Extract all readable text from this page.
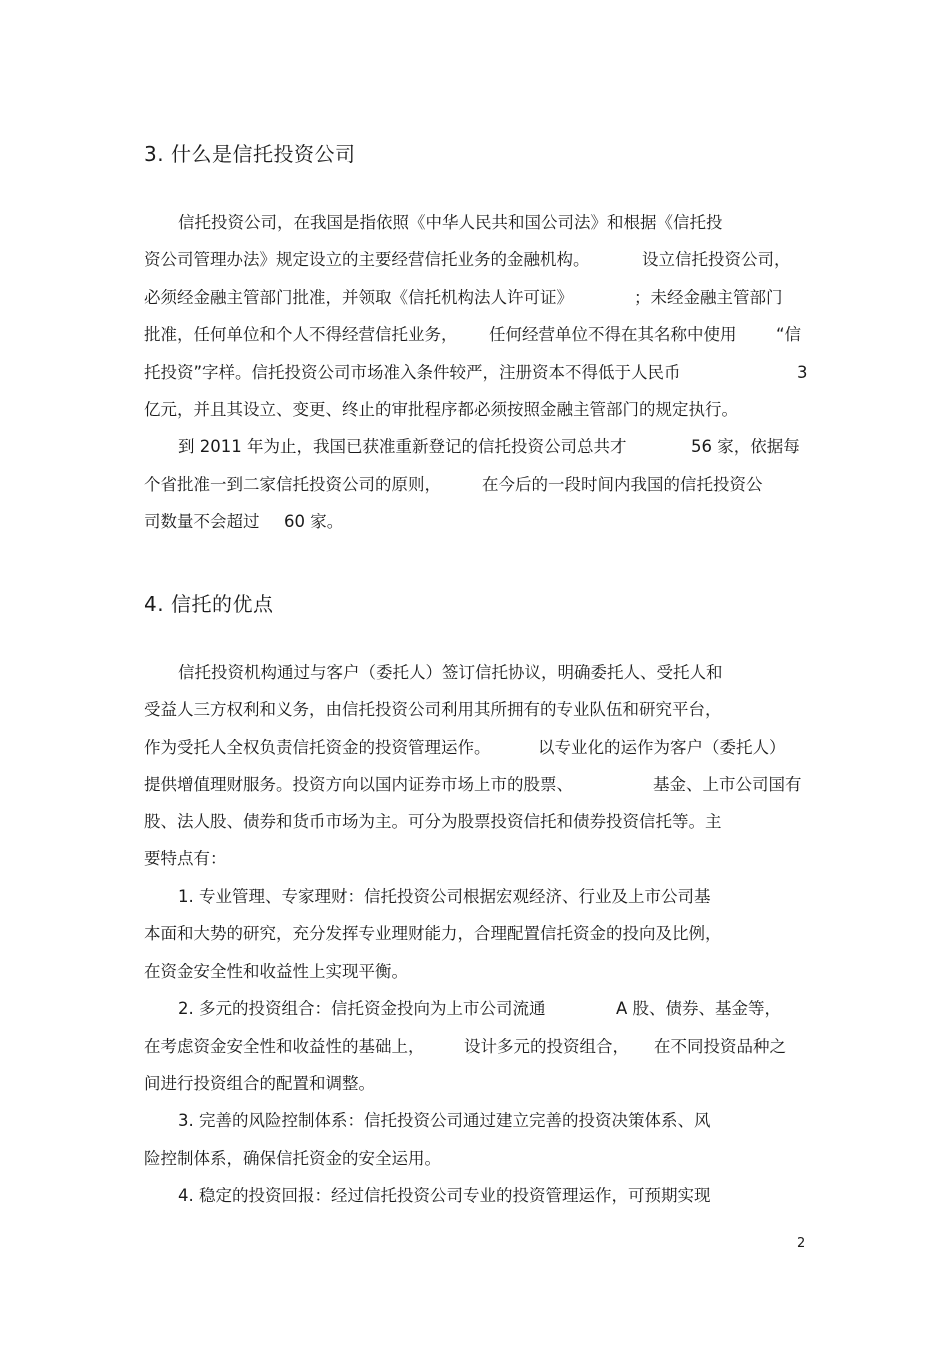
3. 什么是信托投资公司
信托投资公司，在我国是指依照《中华人民共和国公司法》和根据《信托投
资公司管理办法》规定设立的主要经营信托业务的金融机构。	设立信托投资公司，
必须经金融主管部门批准，并领取《信托机构法人许可证》	；未经金融主管部门
批准，任何单位和个人不得经营信托业务， 任何经营单位不得在其名称中使用 “信
托投资”字样。信托投资公司市场准入条件较严，注册资本不得低于人民币	3
亿元，并且其设立、变更、终止的审批程序都必须按照金融主管部门的规定执行。
到 2011 年为止，我国已获准重新登记的信托投资公司总共才	56 家，依据每
个省批准一到二家信托投资公司的原则， 在今后的一段时间内我国的信托投资公
司数量不会超过 60 家。
4. 信托的优点
信托投资机构通过与客户（委托人）签订信托协议，明确委托人、受托人和
受益人三方权利和义务，由信托投资公司利用其所拥有的专业队伍和研究平台，
作为受托人全权负责信托资金的投资管理运作。	以专业化的运作为客户（委托人）
提供增值理财服务。投资方向以国内证券市场上市的股票、	基金、上市公司国有
股、法人股、债券和货币市场为主。可分为股票投资信托和债券投资信托等。主
要特点有：
1. 专业管理、专家理财：信托投资公司根据宏观经济、行业及上市公司基
本面和大势的研究，充分发挥专业理财能力，合理配置信托资金的投向及比例，
在资金安全性和收益性上实现平衡。
2. 多元的投资组合：信托资金投向为上市公司流通	A 股、债券、基金等，
在考虑资金安全性和收益性的基础上， 设计多元的投资组合， 在不同投资品种之
间进行投资组合的配置和调整。
3. 完善的风险控制体系：信托投资公司通过建立完善的投资决策体系、风
险控制体系，确保信托资金的安全运用。
4. 稳定的投资回报：经过信托投资公司专业的投资管理运作，可预期实现
2
